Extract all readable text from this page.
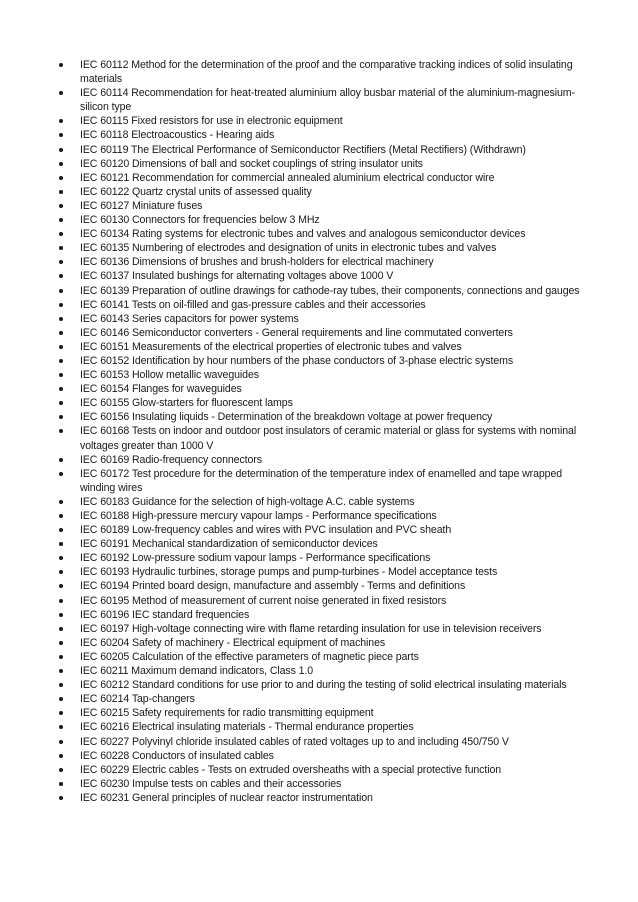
IEC 60112 Method for the determination of the proof and the comparative tracking indices of solid insulating materials
IEC 60114 Recommendation for heat-treated aluminium alloy busbar material of the aluminium-magnesium-silicon type
IEC 60115 Fixed resistors for use in electronic equipment
IEC 60118 Electroacoustics - Hearing aids
IEC 60119 The Electrical Performance of Semiconductor Rectifiers (Metal Rectifiers) (Withdrawn)
IEC 60120 Dimensions of ball and socket couplings of string insulator units
IEC 60121 Recommendation for commercial annealed aluminium electrical conductor wire
IEC 60122 Quartz crystal units of assessed quality
IEC 60127 Miniature fuses
IEC 60130 Connectors for frequencies below 3 MHz
IEC 60134 Rating systems for electronic tubes and valves and analogous semiconductor devices
IEC 60135 Numbering of electrodes and designation of units in electronic tubes and valves
IEC 60136 Dimensions of brushes and brush-holders for electrical machinery
IEC 60137 Insulated bushings for alternating voltages above 1000 V
IEC 60139 Preparation of outline drawings for cathode-ray tubes, their components, connections and gauges
IEC 60141 Tests on oil-filled and gas-pressure cables and their accessories
IEC 60143 Series capacitors for power systems
IEC 60146 Semiconductor converters - General requirements and line commutated converters
IEC 60151 Measurements of the electrical properties of electronic tubes and valves
IEC 60152 Identification by hour numbers of the phase conductors of 3-phase electric systems
IEC 60153 Hollow metallic waveguides
IEC 60154 Flanges for waveguides
IEC 60155 Glow-starters for fluorescent lamps
IEC 60156 Insulating liquids - Determination of the breakdown voltage at power frequency
IEC 60168 Tests on indoor and outdoor post insulators of ceramic material or glass for systems with nominal voltages greater than 1000 V
IEC 60169 Radio-frequency connectors
IEC 60172 Test procedure for the determination of the temperature index of enamelled and tape wrapped winding wires
IEC 60183 Guidance for the selection of high-voltage A.C. cable systems
IEC 60188 High-pressure mercury vapour lamps - Performance specifications
IEC 60189 Low-frequency cables and wires with PVC insulation and PVC sheath
IEC 60191 Mechanical standardization of semiconductor devices
IEC 60192 Low-pressure sodium vapour lamps - Performance specifications
IEC 60193 Hydraulic turbines, storage pumps and pump-turbines - Model acceptance tests
IEC 60194 Printed board design, manufacture and assembly - Terms and definitions
IEC 60195 Method of measurement of current noise generated in fixed resistors
IEC 60196 IEC standard frequencies
IEC 60197 High-voltage connecting wire with flame retarding insulation for use in television receivers
IEC 60204 Safety of machinery - Electrical equipment of machines
IEC 60205 Calculation of the effective parameters of magnetic piece parts
IEC 60211 Maximum demand indicators, Class 1.0
IEC 60212 Standard conditions for use prior to and during the testing of solid electrical insulating materials
IEC 60214 Tap-changers
IEC 60215 Safety requirements for radio transmitting equipment
IEC 60216 Electrical insulating materials - Thermal endurance properties
IEC 60227 Polyvinyl chloride insulated cables of rated voltages up to and including 450/750 V
IEC 60228 Conductors of insulated cables
IEC 60229 Electric cables - Tests on extruded oversheaths with a special protective function
IEC 60230 Impulse tests on cables and their accessories
IEC 60231 General principles of nuclear reactor instrumentation
